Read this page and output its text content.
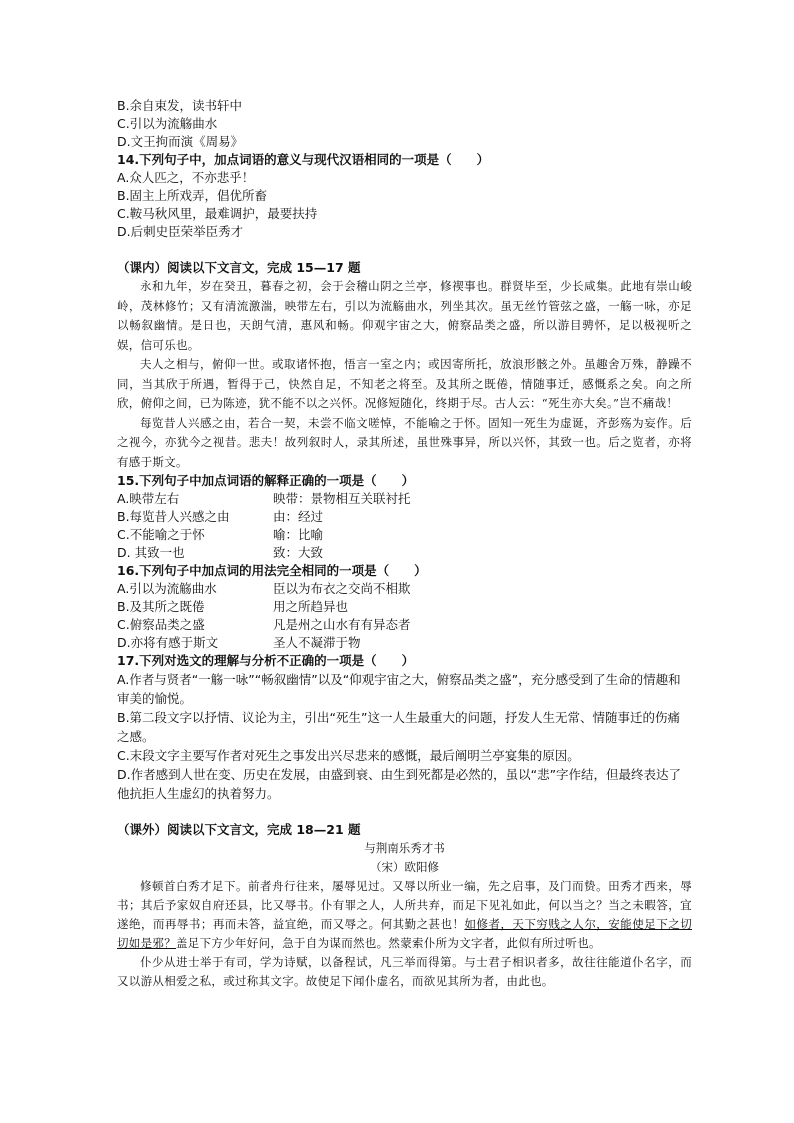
B.余自束发，读书轩中
C.引以为流觞曲水
D.文王拘而演《周易》
14.下列句子中，加点词语的意义与现代汉语相同的一项是（　　）
A.众人匹之，不亦悲乎！
B.固主上所戏弄，倡优所畜
C.鞍马秋风里，最难调护，最要扶持
D.后刺史臣荣举臣秀才
（课内）阅读以下文言文，完成 15—17 题

永和九年，岁在癸丑，暮春之初，会于会稽山阴之兰亭，修禊事也。群贤毕至，少长咸集。此地有崇山峻岭，茂林修竹；又有清流激湍，映带左右，引以为流觞曲水，列坐其次。虽无丝竹管弦之盛，一觞一咏，亦足以畅叙幽情。是日也，天朗气清，惠风和畅。仰观宇宙之大，俯察品类之盛，所以游目骋怀，足以极视听之娱，信可乐也。

夫人之相与，俯仰一世。或取诸怀抱，悟言一室之内；或因寄所托，放浪形骸之外。虽趣舍万殊，静躁不同，当其欣于所遇，暂得于己，快然自足，不知老之将至。及其所之既倦，情随事迁，感慨系之矣。向之所欣，俯仰之间，已为陈迹，犹不能不以之兴怀。况修短随化，终期于尽。古人云：“死生亦大矣。”岂不痛哉！

每览昔人兴感之由，若合一契，未尝不临文嗟悼，不能喻之于怀。固知一死生为虚诞，齐彭殇为妄作。后之视今，亦犹今之视昔。悲夫！故列叙时人，录其所述，虽世殊事异，所以兴怀，其致一也。后之览者，亦将有感于斯文。

15.下列句子中加点词语的解释正确的一项是（　　）
A.映带左右	映带：景物相互关联衬托
B.每览昔人兴感之由	由：经过
C.不能喻之于怀	喻：比喻
D. 其致一也	致：大致
16.下列句子中加点词的用法完全相同的一项是（　　）
A.引以为流觞曲水	臣以为布衣之交尚不相欺
B.及其所之既倦	用之所趋异也
C.俯察品类之盛	凡是州之山水有有异态者
D.亦将有感于斯文	圣人不凝滞于物
17.下列对选文的理解与分析不正确的一项是（　　）
A.作者与贤者“一觞一咏”“畅叙幽情”以及“仰观宇宙之大，俯察品类之盛”，充分感受到了生命的情趣和审美的愉悦。
B.第二段文字以抒情、议论为主，引出“死生”这一人生最重大的问题，抒发人生无常、情随事迁的伤痛之感。
C.末段文字主要写作者对死生之事发出兴尽悲来的感慨，最后阐明兰亭宴集的原因。
D.作者感到人世在变、历史在发展，由盛到衰、由生到死都是必然的，虽以“悲”字作结，但最终表达了他抗拒人生虚幻的执着努力。
（课外）阅读以下文言文，完成 18—21 题
与荆南乐秀才书
（宋）欧阳修

修顿首白秀才足下。前者舟行往来，屡辱见过。又辱以所业一编，先之启事，及门而贽。田秀才西来，辱书；其后予家奴自府还县，比又辱书。仆有罪之人，人所共弃，而足下见礼如此，何以当之？当之未暇答，宜遂绝，而再辱书；再而未答，益宜绝，而又辱之。何其勤之甚也！如修者，天下穷贱之人尔，安能使足下之切切如是邪？盖足下方少年好问，急于自为谋而然也。然蒙索仆所为文字者，此似有所过听也。

仆少从进士举于有司，学为诗赋，以备程试，凡三举而得第。与士君子相识者多，故往往能道仆名字，而又以游从相爱之私，或过称其文字。故使足下闻仆虚名，而欲见其所为者，由此也。
